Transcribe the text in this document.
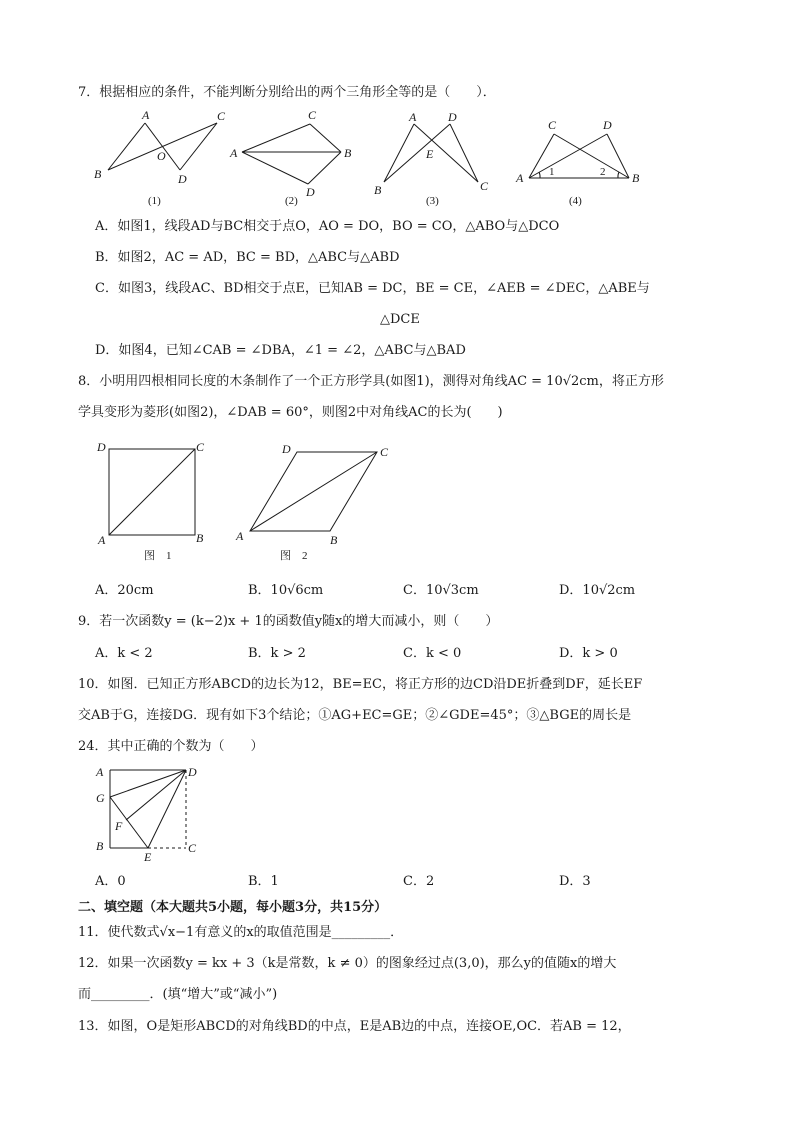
7．根据相应的条件，不能判断分别给出的两个三角形全等的是（　　）．
A
B
C
D
O
(1)
A	B
C
D
(2)
A
B	C
D
E
(3)
A	B
C	D
1	2
(4)
A．如图1，线段AD与BC相交于点O，AO = DO，BO = CO，△ABO与△DCO
B．如图2，AC = AD，BC = BD，△ABC与△ABD
C．如图3，线段AC、BD相交于点E，已知AB = DC，BE = CE，∠AEB = ∠DEC，△ABE与
△DCE
D．如图4，已知∠CAB = ∠DBA，∠1 = ∠2，△ABC与△BAD
8．小明用四根相同长度的木条制作了一个正方形学具(如图1)，测得对角线AC = 10√2cm，将正方形
学具变形为菱形(如图2)，∠DAB = 60°，则图2中对角线AC的长为(　　)
D	C
A	B
图　1
D	C
A	B
图　2
A．20cm	B．10√6cm	C．10√3cm	D．10√2cm
9．若一次函数y = (k−2)x + 1的函数值y随x的增大而减小，则（　　）
A．k < 2	B．k > 2	C．k < 0	D．k > 0
10．如图．已知正方形ABCD的边长为12，BE=EC，将正方形的边CD沿DE折叠到DF，延长EF
交AB于G，连接DG．现有如下3个结论；①AG+EC=GE；②∠GDE=45°；③△BGE的周长是
24．其中正确的个数为（　　）
A	D
G
F
B
E
C
A．0	B．1	C．2	D．3
二、填空题（本大题共5小题，每小题3分，共15分）
11．使代数式√x−1有意义的x的取值范围是_________．
12．如果一次函数y = kx + 3（k是常数，k ≠ 0）的图象经过点(3,0)，那么y的值随x的增大
而_________．(填“增大”或“减小”)
13．如图，O是矩形ABCD的对角线BD的中点，E是AB边的中点，连接OE,OC．若AB = 12，
